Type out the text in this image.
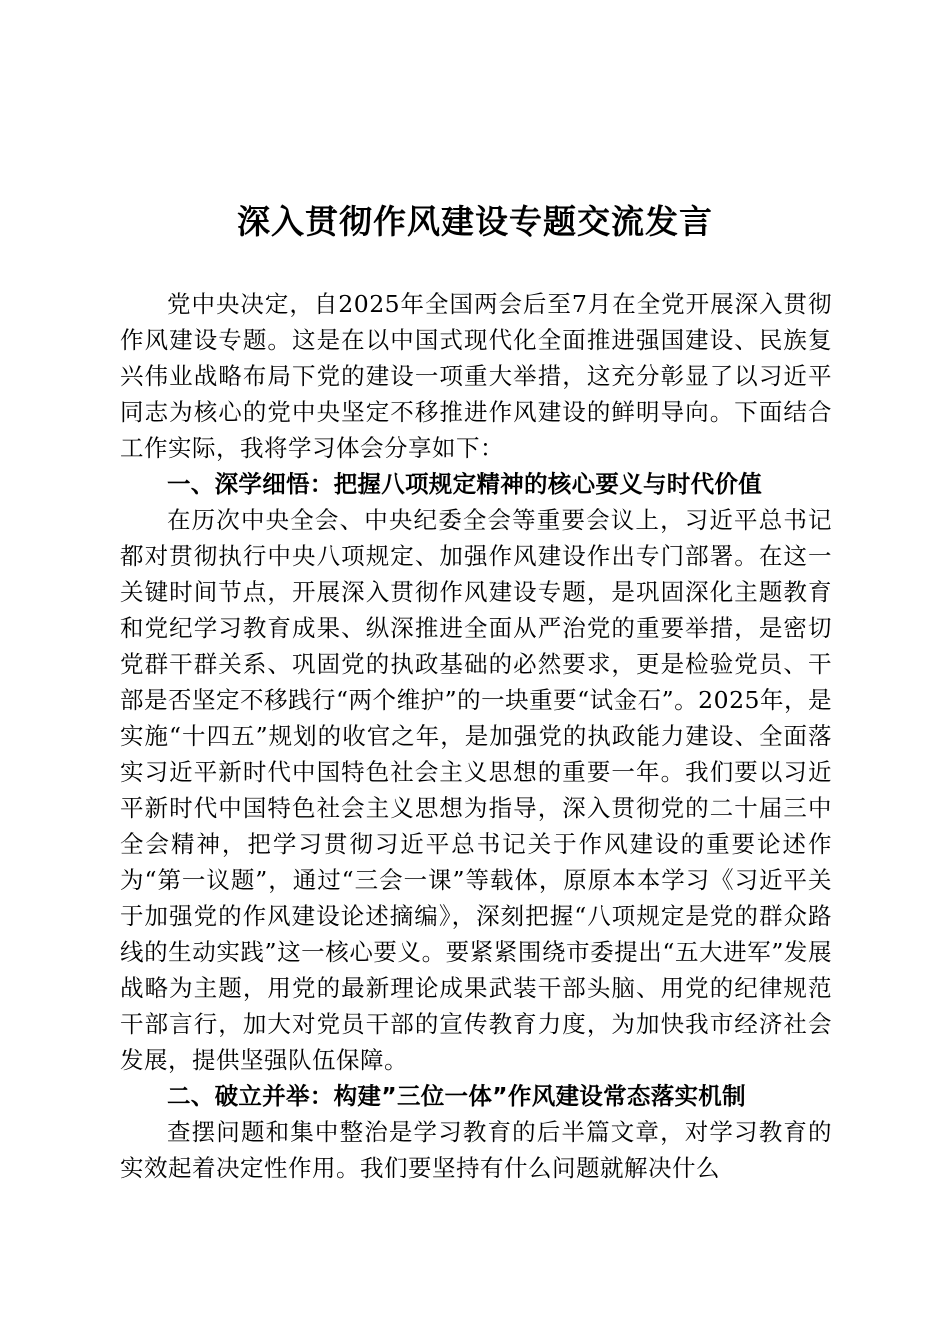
深入贯彻作风建设专题交流发言

党中央决定，自2025年全国两会后至7月在全党开展深入贯彻作风建设专题。这是在以中国式现代化全面推进强国建设、民族复兴伟业战略布局下党的建设一项重大举措，这充分彰显了以习近平同志为核心的党中央坚定不移推进作风建设的鲜明导向。下面结合工作实际，我将学习体会分享如下：

一、深学细悟：把握八项规定精神的核心要义与时代价值

在历次中央全会、中央纪委全会等重要会议上，习近平总书记都对贯彻执行中央八项规定、加强作风建设作出专门部署。在这一关键时间节点，开展深入贯彻作风建设专题，是巩固深化主题教育和党纪学习教育成果、纵深推进全面从严治党的重要举措，是密切党群干群关系、巩固党的执政基础的必然要求，更是检验党员、干部是否坚定不移践行“两个维护”的一块重要“试金石”。2025年，是实施“十四五”规划的收官之年，是加强党的执政能力建设、全面落实习近平新时代中国特色社会主义思想的重要一年。我们要以习近平新时代中国特色社会主义思想为指导，深入贯彻党的二十届三中全会精神，把学习贯彻习近平总书记关于作风建设的重要论述作为“第一议题”，通过“三会一课”等载体，原原本本学习《习近平关于加强党的作风建设论述摘编》，深刻把握“八项规定是党的群众路线的生动实践”这一核心要义。要紧紧围绕市委提出“五大进军”发展战略为主题，用党的最新理论成果武装干部头脑、用党的纪律规范干部言行，加大对党员干部的宣传教育力度，为加快我市经济社会发展，提供坚强队伍保障。

二、破立并举：构建”三位一体”作风建设常态落实机制

查摆问题和集中整治是学习教育的后半篇文章，对学习教育的实效起着决定性作用。我们要坚持有什么问题就解决什么
